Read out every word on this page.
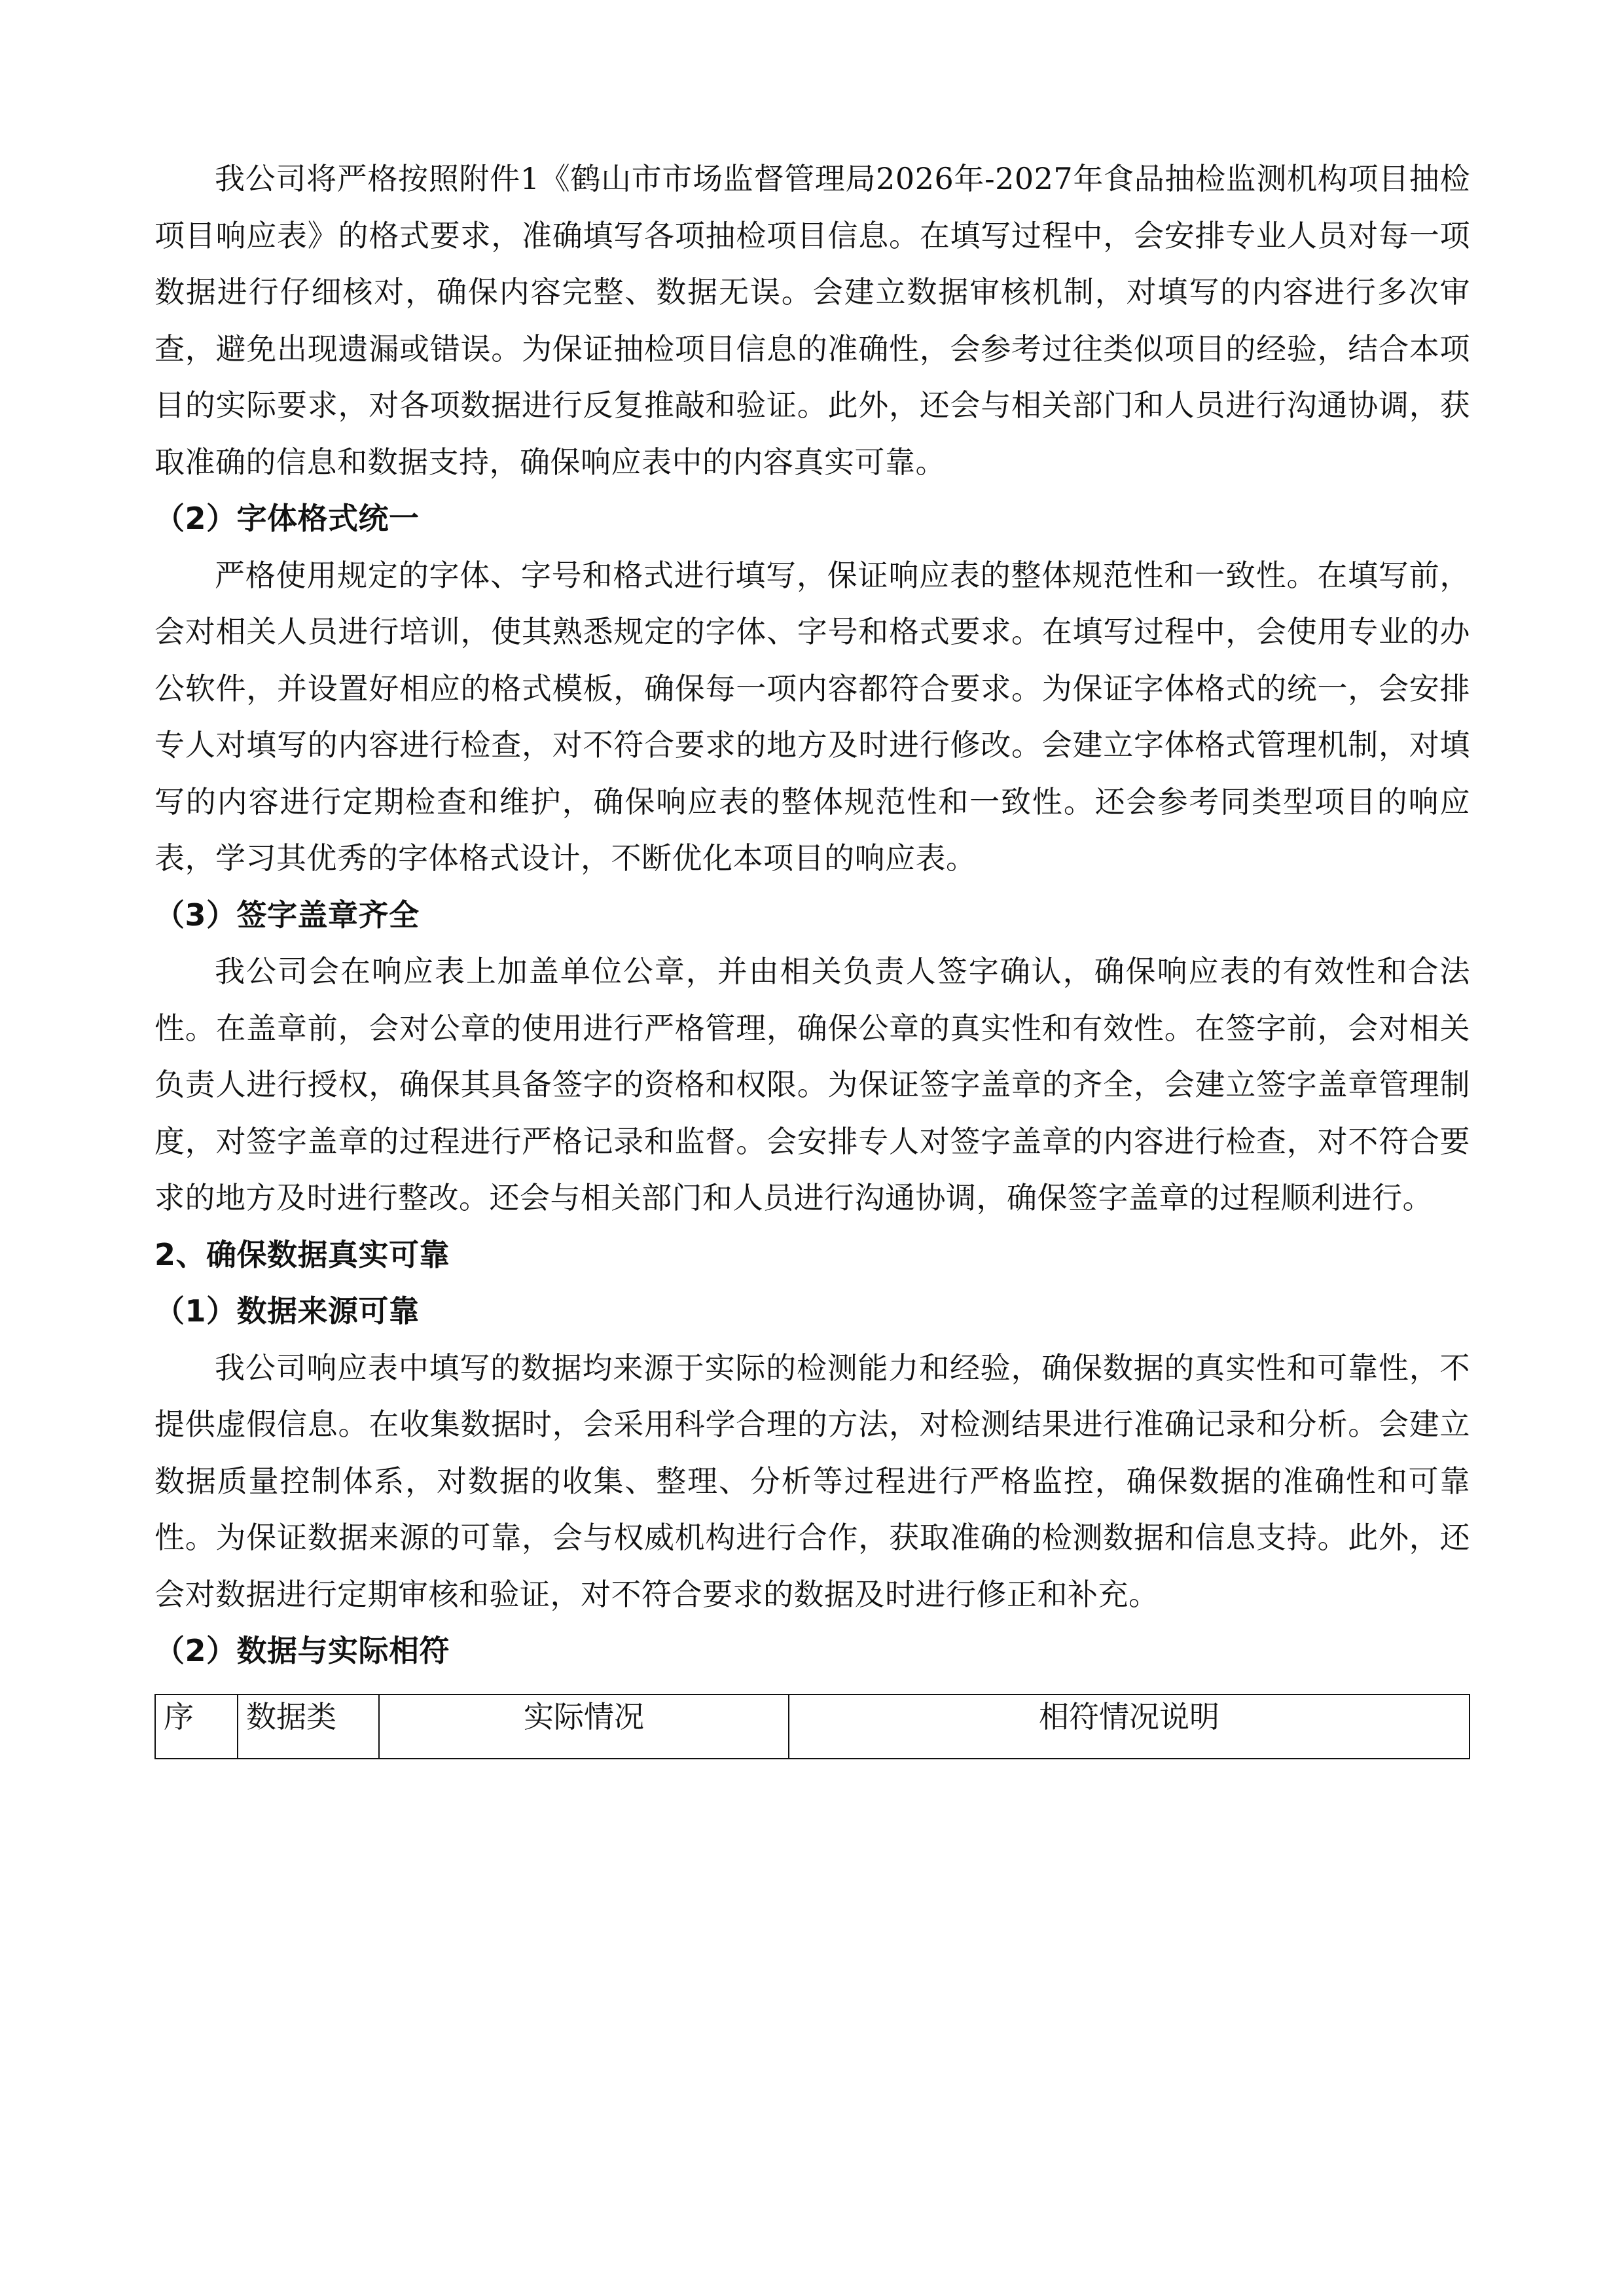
我公司将严格按照附件1《鹤山市市场监督管理局2026年-2027年食品抽检监测机构项目抽检项目响应表》的格式要求，准确填写各项抽检项目信息。在填写过程中，会安排专业人员对每一项数据进行仔细核对，确保内容完整、数据无误。会建立数据审核机制，对填写的内容进行多次审查，避免出现遗漏或错误。为保证抽检项目信息的准确性，会参考过往类似项目的经验，结合本项目的实际要求，对各项数据进行反复推敲和验证。此外，还会与相关部门和人员进行沟通协调，获取准确的信息和数据支持，确保响应表中的内容真实可靠。

（2）字体格式统一

严格使用规定的字体、字号和格式进行填写，保证响应表的整体规范性和一致性。在填写前，会对相关人员进行培训，使其熟悉规定的字体、字号和格式要求。在填写过程中，会使用专业的办公软件，并设置好相应的格式模板，确保每一项内容都符合要求。为保证字体格式的统一，会安排专人对填写的内容进行检查，对不符合要求的地方及时进行修改。会建立字体格式管理机制，对填写的内容进行定期检查和维护，确保响应表的整体规范性和一致性。还会参考同类型项目的响应表，学习其优秀的字体格式设计，不断优化本项目的响应表。

（3）签字盖章齐全

我公司会在响应表上加盖单位公章，并由相关负责人签字确认，确保响应表的有效性和合法性。在盖章前，会对公章的使用进行严格管理，确保公章的真实性和有效性。在签字前，会对相关负责人进行授权，确保其具备签字的资格和权限。为保证签字盖章的齐全，会建立签字盖章管理制度，对签字盖章的过程进行严格记录和监督。会安排专人对签字盖章的内容进行检查，对不符合要求的地方及时进行整改。还会与相关部门和人员进行沟通协调，确保签字盖章的过程顺利进行。

2、确保数据真实可靠

（1）数据来源可靠

我公司响应表中填写的数据均来源于实际的检测能力和经验，确保数据的真实性和可靠性，不提供虚假信息。在收集数据时，会采用科学合理的方法，对检测结果进行准确记录和分析。会建立数据质量控制体系，对数据的收集、整理、分析等过程进行严格监控，确保数据的准确性和可靠性。为保证数据来源的可靠，会与权威机构进行合作，获取准确的检测数据和信息支持。此外，还会对数据进行定期审核和验证，对不符合要求的数据及时进行修正和补充。

（2）数据与实际相符

序	数据类	实际情况	相符情况说明
